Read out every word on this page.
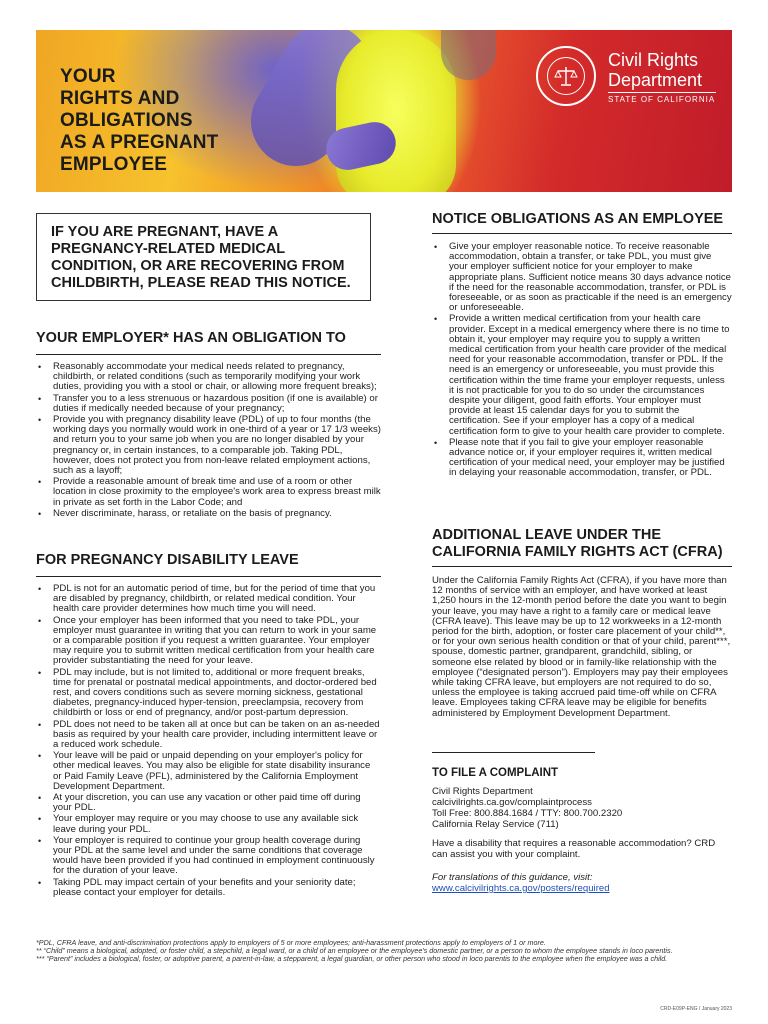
YOUR
RIGHTS AND
OBLIGATIONS
AS A PREGNANT
EMPLOYEE
Civil Rights
Department
STATE OF CALIFORNIA

IF YOU ARE PREGNANT, HAVE A

PREGNANCY-RELATED MEDICAL

CONDITION, OR ARE RECOVERING FROM

CHILDBIRTH, PLEASE READ THIS NOTICE.

YOUR EMPLOYER* HAS AN OBLIGATION TO
• Reasonably accommodate your medical needs related to pregnancy, childbirth, or related conditions (such as temporarily modifying your work duties, providing you with a stool or chair, or allowing more frequent breaks);
• Transfer you to a less strenuous or hazardous position (if one is available) or duties if medically needed because of your pregnancy;
• Provide you with pregnancy disability leave (PDL) of up to four months (the working days you normally would work in one-third of a year or 17 1/3 weeks) and return you to your same job when you are no longer disabled by your pregnancy or, in certain instances, to a comparable job. Taking PDL, however, does not protect you from non-leave related employment actions, such as a layoff;
• Provide a reasonable amount of break time and use of a room or other location in close proximity to the employee's work area to express breast milk in private as set forth in the Labor Code; and
• Never discriminate, harass, or retaliate on the basis of pregnancy.
FOR PREGNANCY DISABILITY LEAVE
• PDL is not for an automatic period of time, but for the period of time that you are disabled by pregnancy, childbirth, or related medical condition. Your health care provider determines how much time you will need.
• Once your employer has been informed that you need to take PDL, your employer must guarantee in writing that you can return to work in your same or a comparable position if you request a written guarantee. Your employer may require you to submit written medical certification from your health care provider substantiating the need for your leave.
• PDL may include, but is not limited to, additional or more frequent breaks, time for prenatal or postnatal medical appointments, and doctor-ordered bed rest, and covers conditions such as severe morning sickness, gestational diabetes, pregnancy-induced hyper-tension, preeclampsia, recovery from childbirth or loss or end of pregnancy, and/or post-partum depression.
• PDL does not need to be taken all at once but can be taken on an as-needed basis as required by your health care provider, including intermittent leave or a reduced work schedule.
• Your leave will be paid or unpaid depending on your employer's policy for other medical leaves. You may also be eligible for state disability insurance or Paid Family Leave (PFL), administered by the California Employment Development Department.
• At your discretion, you can use any vacation or other paid time off during your PDL.
• Your employer may require or you may choose to use any available sick leave during your PDL.
• Your employer is required to continue your group health coverage during your PDL at the same level and under the same conditions that coverage would have been provided if you had continued in employment continuously for the duration of your leave.
• Taking PDL may impact certain of your benefits and your seniority date; please contact your employer for details.
NOTICE OBLIGATIONS AS AN EMPLOYEE
• Give your employer reasonable notice. To receive reasonable accommodation, obtain a transfer, or take PDL, you must give your employer sufficient notice for your employer to make appropriate plans. Sufficient notice means 30 days advance notice if the need for the reasonable accommodation, transfer, or PDL is foreseeable, or as soon as practicable if the need is an emergency or unforeseeable.
• Provide a written medical certification from your health care provider. Except in a medical emergency where there is no time to obtain it, your employer may require you to supply a written medical certification from your health care provider of the medical need for your reasonable accommodation, transfer or PDL. If the need is an emergency or unforeseeable, you must provide this certification within the time frame your employer requests, unless it is not practicable for you to do so under the circumstances despite your diligent, good faith efforts. Your employer must provide at least 15 calendar days for you to submit the certification. See if your employer has a copy of a medical certification form to give to your health care provider to complete.
• Please note that if you fail to give your employer reasonable advance notice or, if your employer requires it, written medical certification of your medical need, your employer may be justified in delaying your reasonable accommodation, transfer, or PDL.
ADDITIONAL LEAVE UNDER THE
CALIFORNIA FAMILY RIGHTS ACT (CFRA)
Under the California Family Rights Act (CFRA), if you have more than 12 months of service with an employer, and have worked at least 1,250 hours in the 12-month period before the date you want to begin your leave, you may have a right to a family care or medical leave (CFRA leave). This leave may be up to 12 workweeks in a 12-month period for the birth, adoption, or foster care placement of your child**, or for your own serious health condition or that of your child, parent***, spouse, domestic partner, grandparent, grandchild, sibling, or someone else related by blood or in family-like relationship with the employee (“designated person”). Employers may pay their employees while taking CFRA leave, but employers are not required to do so, unless the employee is taking accrued paid time-off while on CFRA leave. Employees taking CFRA leave may be eligible for benefits administered by Employment Development Department.
TO FILE A COMPLAINT
Civil Rights Department
calcivilrights.ca.gov/complaintprocess
Toll Free: 800.884.1684 / TTY: 800.700.2320
California Relay Service (711)
Have a disability that requires a reasonable accommodation? CRD can assist you with your complaint.
For translations of this guidance, visit:
www.calcivilrights.ca.gov/posters/required

*PDL, CFRA leave, and anti-discrimination protections apply to employers of 5 or more employees; anti-harassment protections apply to employers of 1 or more.

** “Child” means a biological, adopted, or foster child, a stepchild, a legal ward, or a child of an employee or the employee's domestic partner, or a person to whom the employee stands in loco parentis.

*** “Parent” includes a biological, foster, or adoptive parent, a parent-in-law, a stepparent, a legal guardian, or other person who stood in loco parentis to the employee when the employee was a child.

CRD-E09P-ENG / January 2023
